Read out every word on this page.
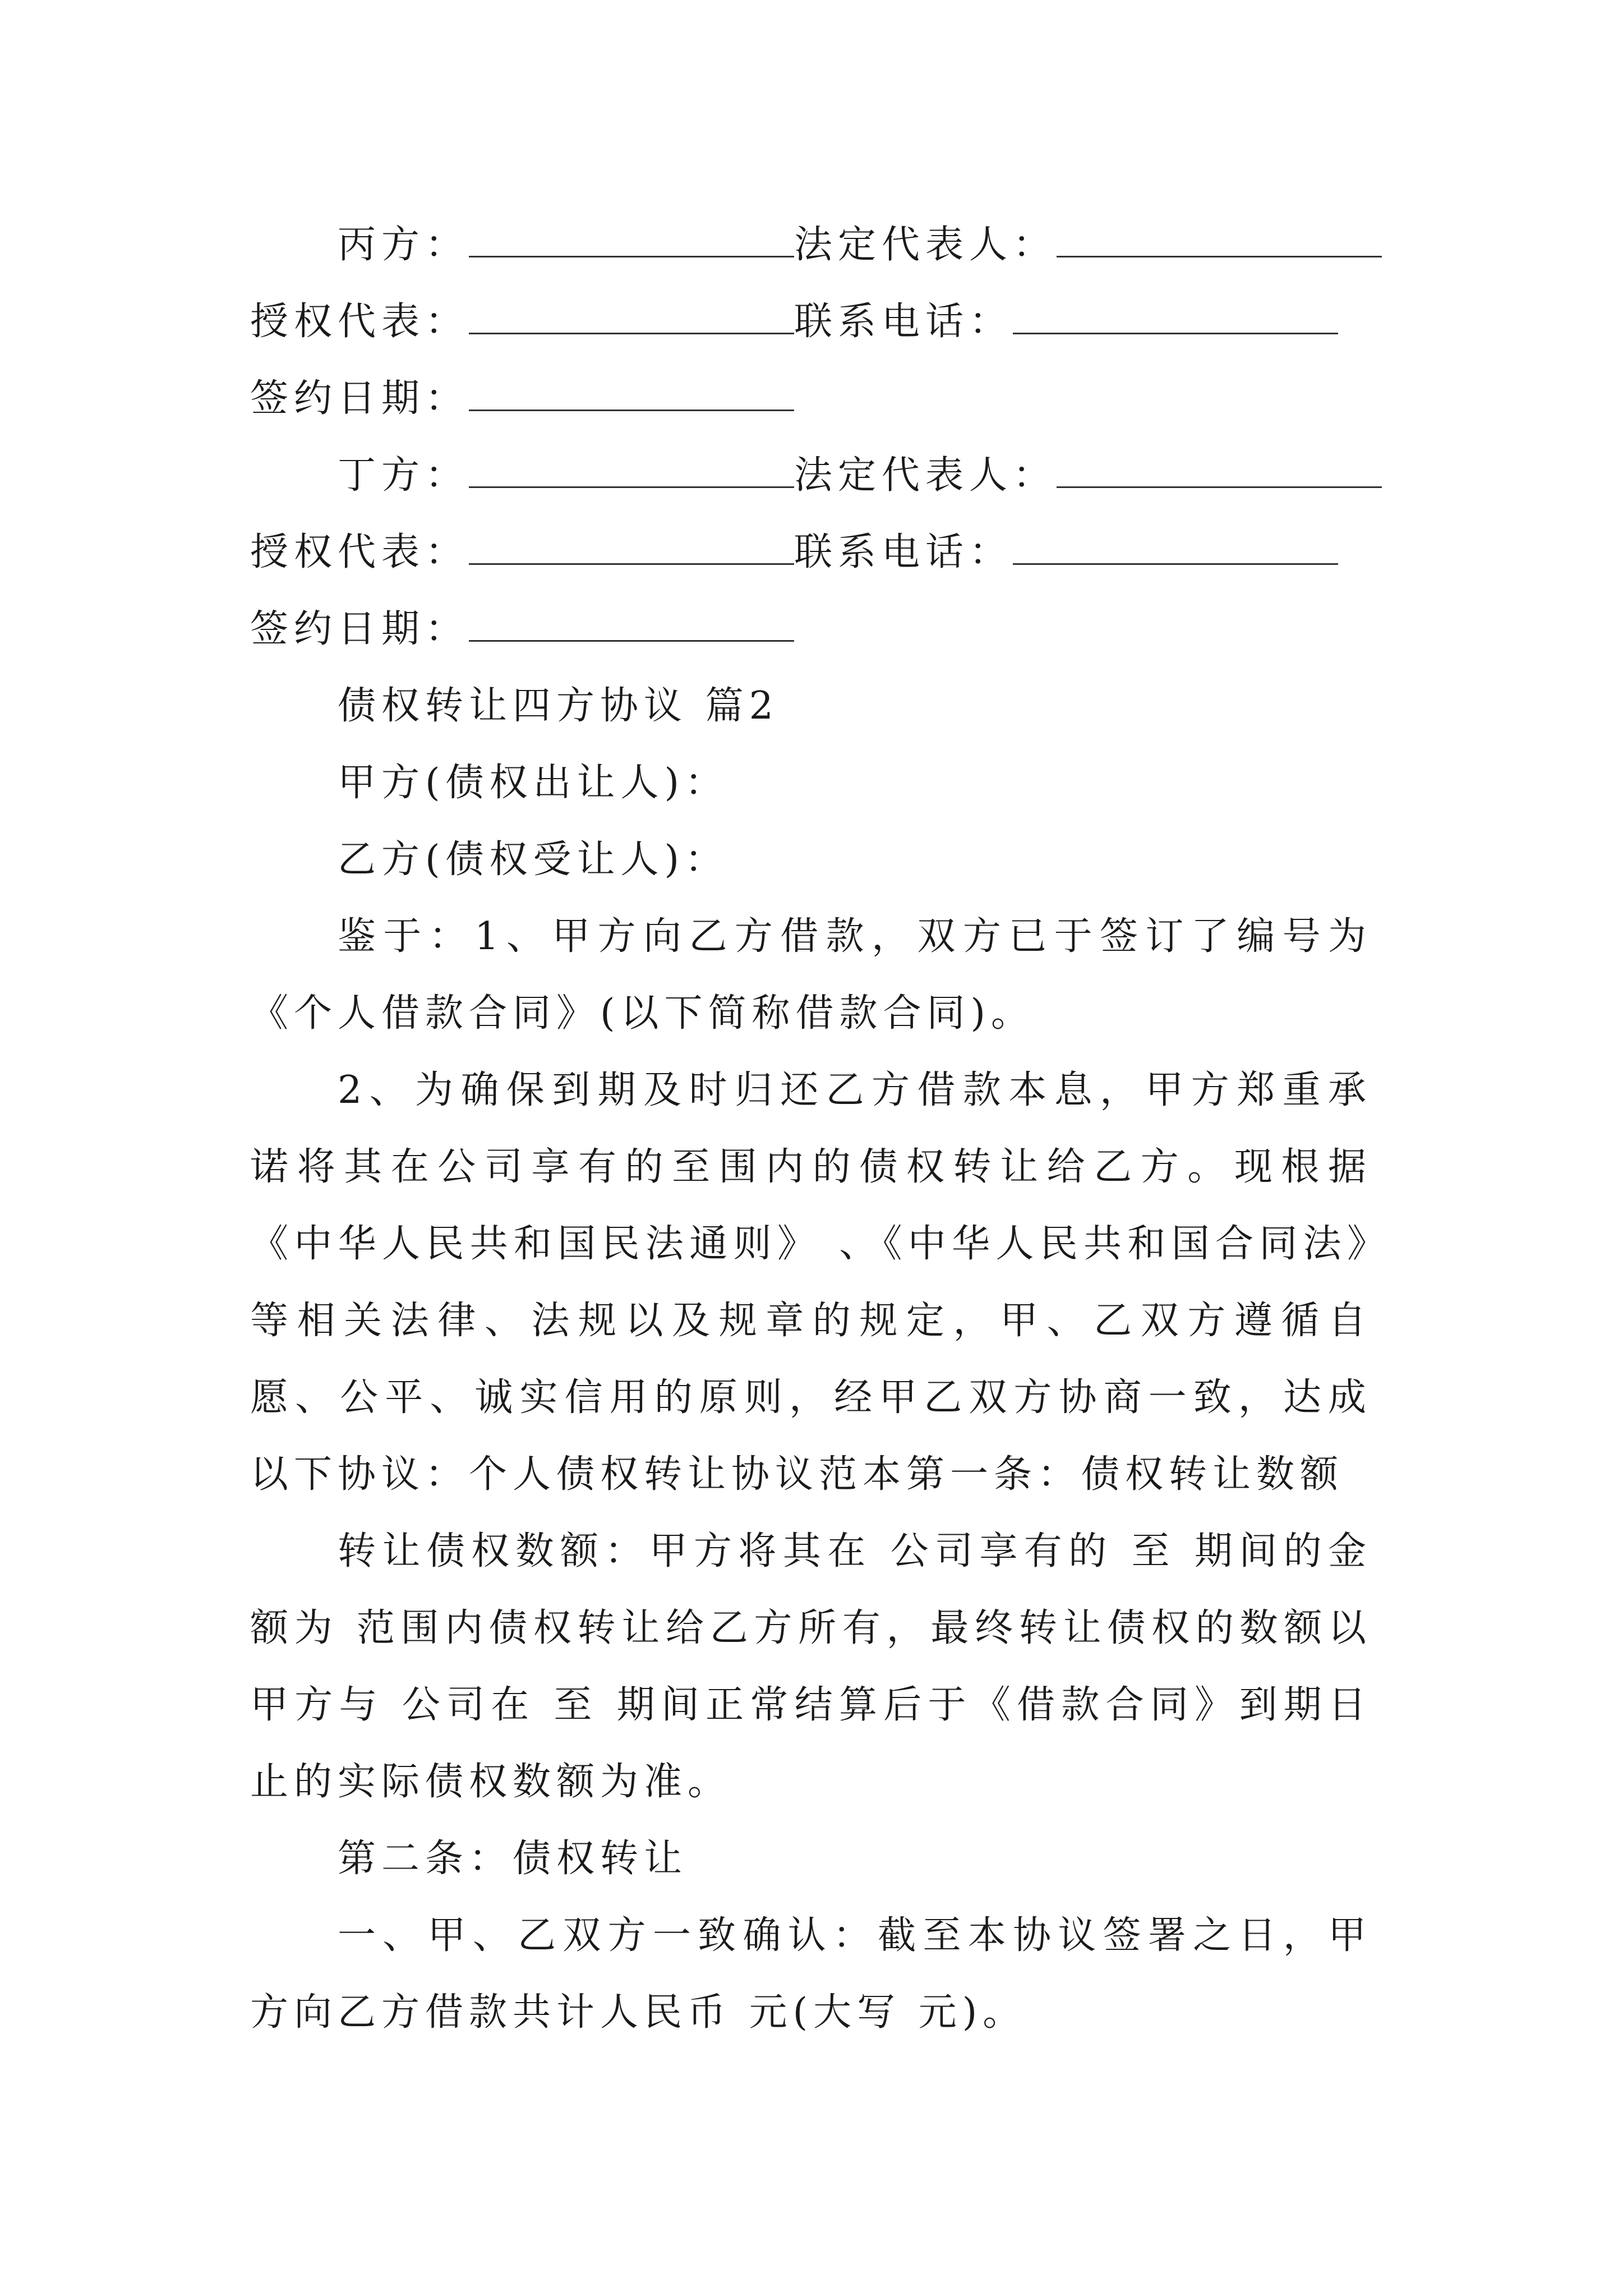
丙方：	法定代表人：
授权代表：	联系电话：
签约日期：
丁方：	法定代表人：
授权代表：	联系电话：
签约日期：
债权转让四方协议 篇2
甲方(债权出让人)：
乙方(债权受让人)：
鉴于：1、甲方向乙方借款，双方已于签订了编号为《个人借款合同》(以下简称借款合同)。
2、为确保到期及时归还乙方借款本息，甲方郑重承诺将其在公司享有的至围内的债权转让给乙方。现根据《中华人民共和国民法通则》 、《中华人民共和国合同法》等相关法律、法规以及规章的规定，甲、乙双方遵循自愿、公平、诚实信用的原则，经甲乙双方协商一致，达成以下协议：个人债权转让协议范本第一条：债权转让数额
转让债权数额：甲方将其在 公司享有的 至 期间的金额为 范围内债权转让给乙方所有，最终转让债权的数额以甲方与 公司在 至 期间正常结算后于《借款合同》到期日止的实际债权数额为准。
第二条：债权转让
一、甲、乙双方一致确认：截至本协议签署之日，甲方向乙方借款共计人民币 元(大写 元)。
